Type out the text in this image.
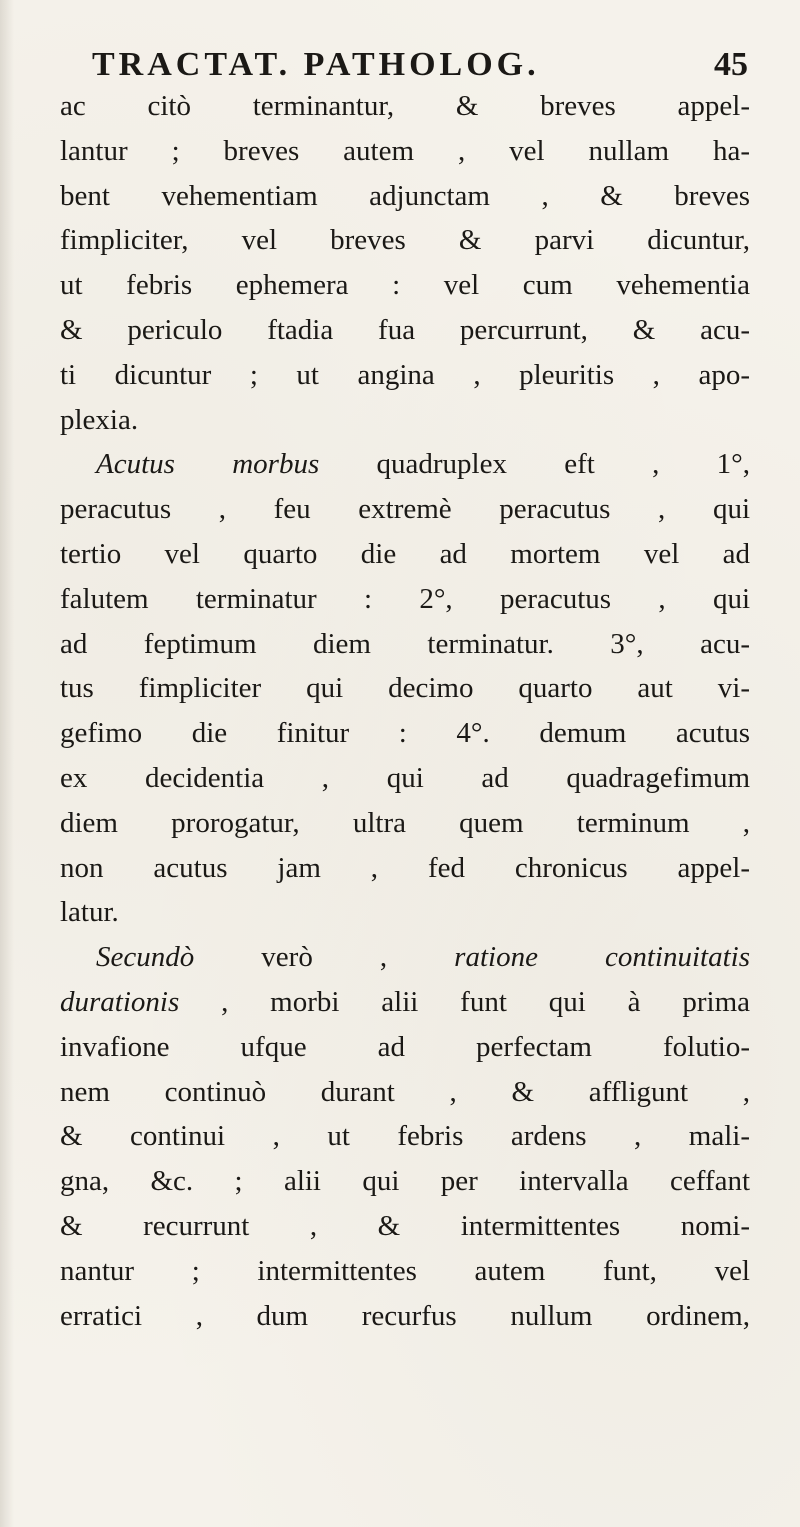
TRACTAT. PATHOLOG.	45
ac citò terminantur, & breves appel-
lantur ; breves autem , vel nullam ha-
bent vehementiam adjunctam , & breves
fimpliciter, vel breves & parvi dicuntur,
ut febris ephemera : vel cum vehementia
& periculo ftadia fua percurrunt, & acu-
ti dicuntur ; ut angina , pleuritis , apo-
plexia.
Acutus morbus quadruplex eft , 1°,
peracutus , feu extremè peracutus , qui
tertio vel quarto die ad mortem vel ad
falutem terminatur : 2°, peracutus , qui
ad feptimum diem terminatur. 3°, acu-
tus fimpliciter qui decimo quarto aut vi-
gefimo die finitur : 4°. demum acutus
ex decidentia , qui ad quadragefimum
diem prorogatur, ultra quem terminum ,
non acutus jam , fed chronicus appel-
latur.
Secundò verò , ratione continuitatis
durationis , morbi alii funt qui à prima
invafione ufque ad perfectam folutio-
nem continuò durant , & affligunt ,
& continui , ut febris ardens , mali-
gna, &c. ; alii qui per intervalla ceffant
& recurrunt , & intermittentes nomi-
nantur ; intermittentes autem funt, vel
erratici , dum recurfus nullum ordinem,
